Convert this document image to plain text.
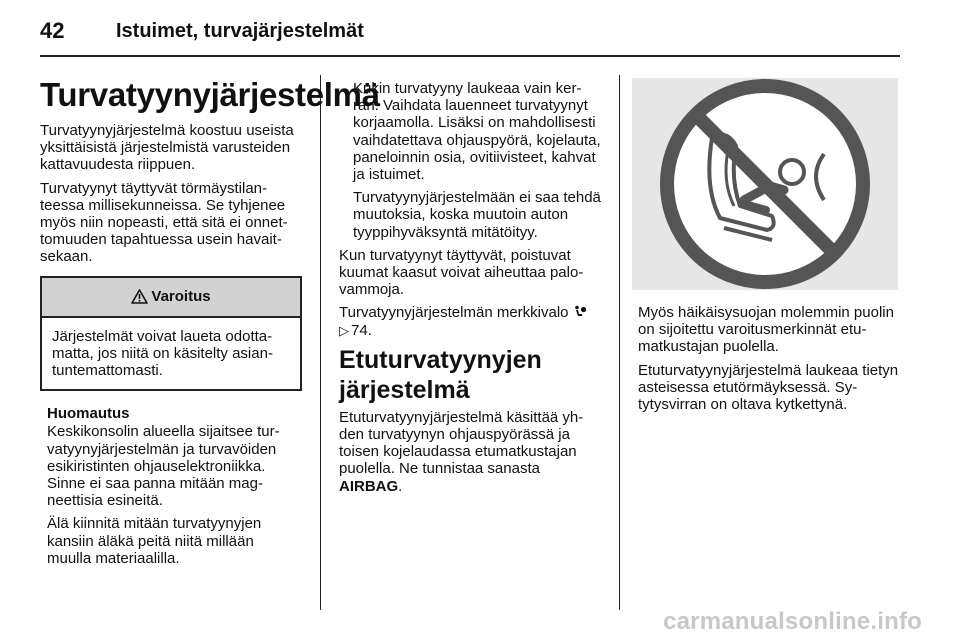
42	Istuimet, turvajärjestelmät
Turvatyynyjärjestelmä

Turvatyynyjärjestelmä koostuu useista yksittäisistä järjestelmistä varusteiden kattavuudesta riippuen.

Turvatyynyt täyttyvät törmäystilanteessa millisekunneissa. Se tyhjenee myös niin nopeasti, että sitä ei onnettomuuden tapahtuessa usein havaitsekaan.

Varoitus
Järjestelmät voivat laueta odottamatta, jos niitä on käsitelty asiantuntemattomasti.
Huomautus

Keskikonsolin alueella sijaitsee turvatyynyjärjestelmän ja turvavöiden esikiristinten ohjauselektroniikka. Sinne ei saa panna mitään magneettisia esineitä.

Älä kiinnitä mitään turvatyynyjen kansiin äläkä peitä niitä millään muulla materiaalilla.

Kukin turvatyyny laukeaa vain kerran. Vaihdata lauenneet turvatyynyt korjaamolla. Lisäksi on mahdollisesti vaihdatettava ohjauspyörä, kojelauta, paneloinnin osia, ovitiivisteet, kahvat ja istuimet.

Turvatyynyjärjestelmään ei saa tehdä muutoksia, koska muutoin auton tyyppihyväksyntä mitätöityy.

Kun turvatyynyt täyttyvät, poistuvat kuumat kaasut voivat aiheuttaa palovammoja.

Turvatyynyjärjestelmän merkkivalo
▷ 74.

Etuturvatyynyjen järjestelmä

Etuturvatyynyjärjestelmä käsittää yhden turvatyynyn ohjauspyörässä ja toisen kojelaudassa etumatkustajan puolella. Ne tunnistaa sanasta AIRBAG.

Myös häikäisysuojan molemmin puolin on sijoitettu varoitusmerkinnät etumatkustajan puolella.

Etuturvatyynyjärjestelmä laukeaa tietyn asteisessa etutörmäyksessä. Sytytysvirran on oltava kytkettynä.

carmanualsonline.info
